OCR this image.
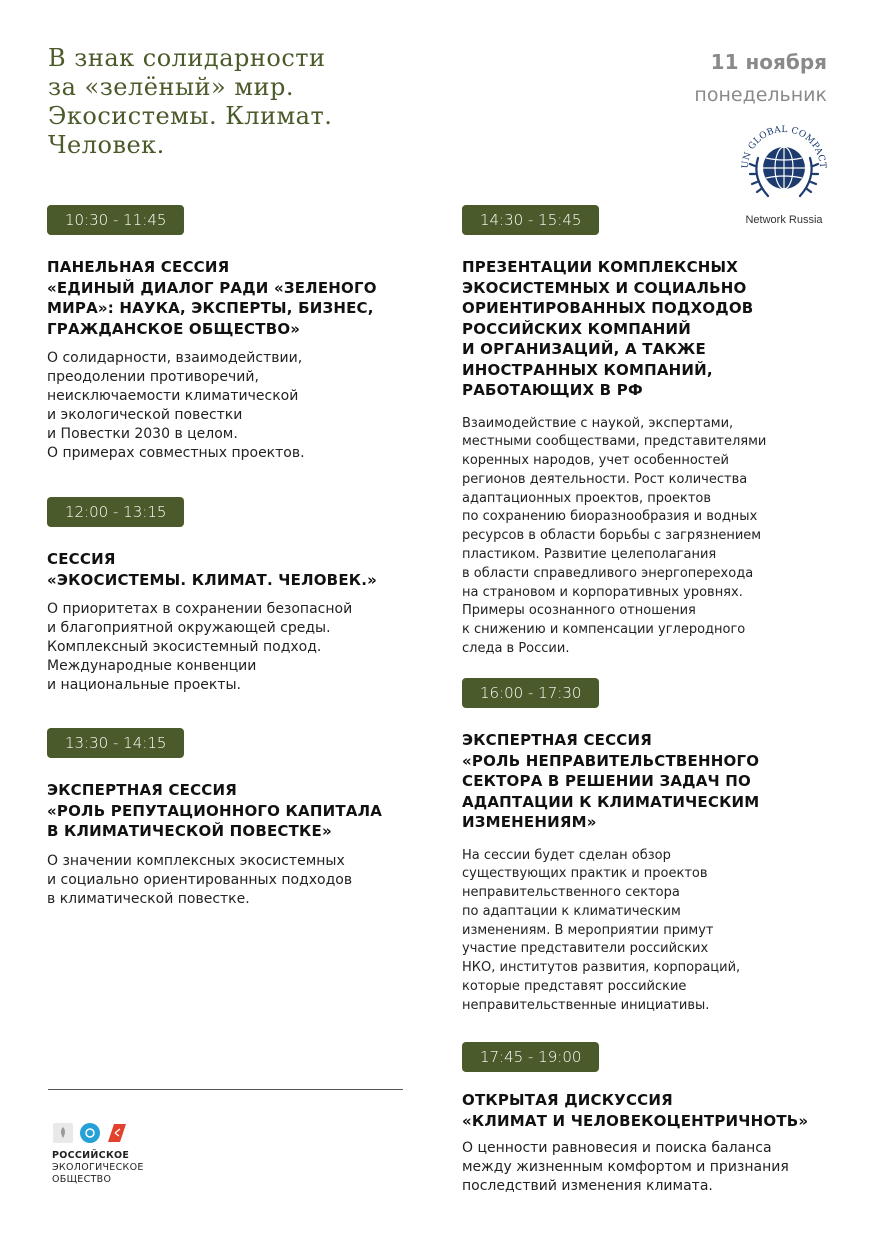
В знак солидарности
за «зелёный» мир.
Экосистемы. Климат.
Человек.
11 ноября
понедельник
UN GLOBAL COMPACT
Network Russia
10:30 - 11:45
ПАНЕЛЬНАЯ СЕССИЯ
«ЕДИНЫЙ ДИАЛОГ РАДИ «ЗЕЛЕНОГО
МИРА»: НАУКА, ЭКСПЕРТЫ, БИЗНЕС,
ГРАЖДАНСКОЕ ОБЩЕСТВО»
О солидарности, взаимодействии,
преодолении противоречий,
неисключаемости климатической
и экологической повестки
и Повестки 2030 в целом.
О примерах совместных проектов.
12:00 - 13:15
СЕССИЯ
«ЭКОСИСТЕМЫ. КЛИМАТ. ЧЕЛОВЕК.»
О приоритетах в сохранении безопасной
и благоприятной окружающей среды.
Комплексный экосистемный подход.
Международные конвенции
и национальные проекты.
13:30 - 14:15
ЭКСПЕРТНАЯ СЕССИЯ
«РОЛЬ РЕПУТАЦИОННОГО КАПИТАЛА
В КЛИМАТИЧЕСКОЙ ПОВЕСТКЕ»
О значении комплексных экосистемных
и социально ориентированных подходов
в климатической повестке.
14:30 - 15:45
ПРЕЗЕНТАЦИИ КОМПЛЕКСНЫХ
ЭКОСИСТЕМНЫХ И СОЦИАЛЬНО
ОРИЕНТИРОВАННЫХ ПОДХОДОВ
РОССИЙСКИХ КОМПАНИЙ
И ОРГАНИЗАЦИЙ, А ТАКЖЕ
ИНОСТРАННЫХ КОМПАНИЙ,
РАБОТАЮЩИХ В РФ
Взаимодействие с наукой, экспертами,
местными сообществами, представителями
коренных народов, учет особенностей
регионов деятельности. Рост количества
адаптационных проектов, проектов
по сохранению биоразнообразия и водных
ресурсов в области борьбы с загрязнением
пластиком. Развитие целеполагания
в области справедливого энергоперехода
на страновом и корпоративных уровнях.
Примеры осознанного отношения
к снижению и компенсации углеродного
следа в России.
16:00 - 17:30
ЭКСПЕРТНАЯ СЕССИЯ
«РОЛЬ НЕПРАВИТЕЛЬСТВЕННОГО
СЕКТОРА В РЕШЕНИИ ЗАДАЧ ПО
АДАПТАЦИИ К КЛИМАТИЧЕСКИМ
ИЗМЕНЕНИЯМ»
На сессии будет сделан обзор
существующих практик и проектов
неправительственного сектора
по адаптации к климатическим
изменениям. В мероприятии примут
участие представители российских
НКО, институтов развития, корпораций,
которые представят российские
неправительственные инициативы.
17:45 - 19:00
ОТКРЫТАЯ ДИСКУССИЯ
«КЛИМАТ И ЧЕЛОВЕКОЦЕНТРИЧНОТЬ»
О ценности равновесия и поиска баланса
между жизненным комфортом и признания
последствий изменения климата.
РОССИЙСКОЕ
ЭКОЛОГИЧЕСКОЕ
ОБЩЕСТВО
